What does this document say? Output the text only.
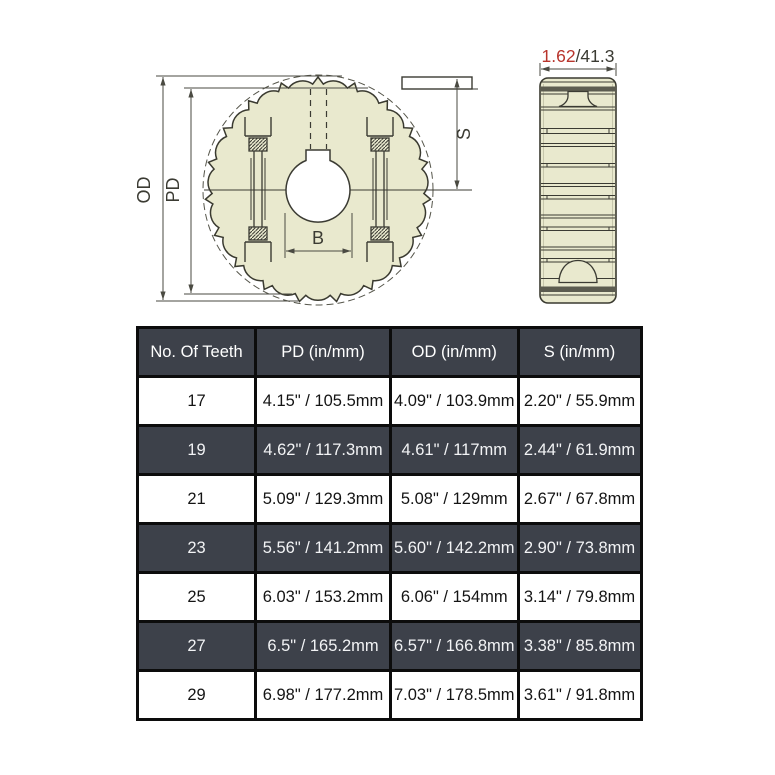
OD PD
S
B
1.62/41.3
No. Of Teeth	PD (in/mm)	OD (in/mm)	S (in/mm)
17	4.15" / 105.5mm	4.09" / 103.9mm	2.20" / 55.9mm
19	4.62" / 117.3mm	4.61" / 117mm	2.44" / 61.9mm
21	5.09" / 129.3mm	5.08" / 129mm	2.67" / 67.8mm
23	5.56" / 141.2mm	5.60" / 142.2mm	2.90" / 73.8mm
25	6.03" / 153.2mm	6.06" / 154mm	3.14" / 79.8mm
27	6.5" / 165.2mm	6.57" / 166.8mm	3.38" / 85.8mm
29	6.98" / 177.2mm	7.03" / 178.5mm	3.61" / 91.8mm
